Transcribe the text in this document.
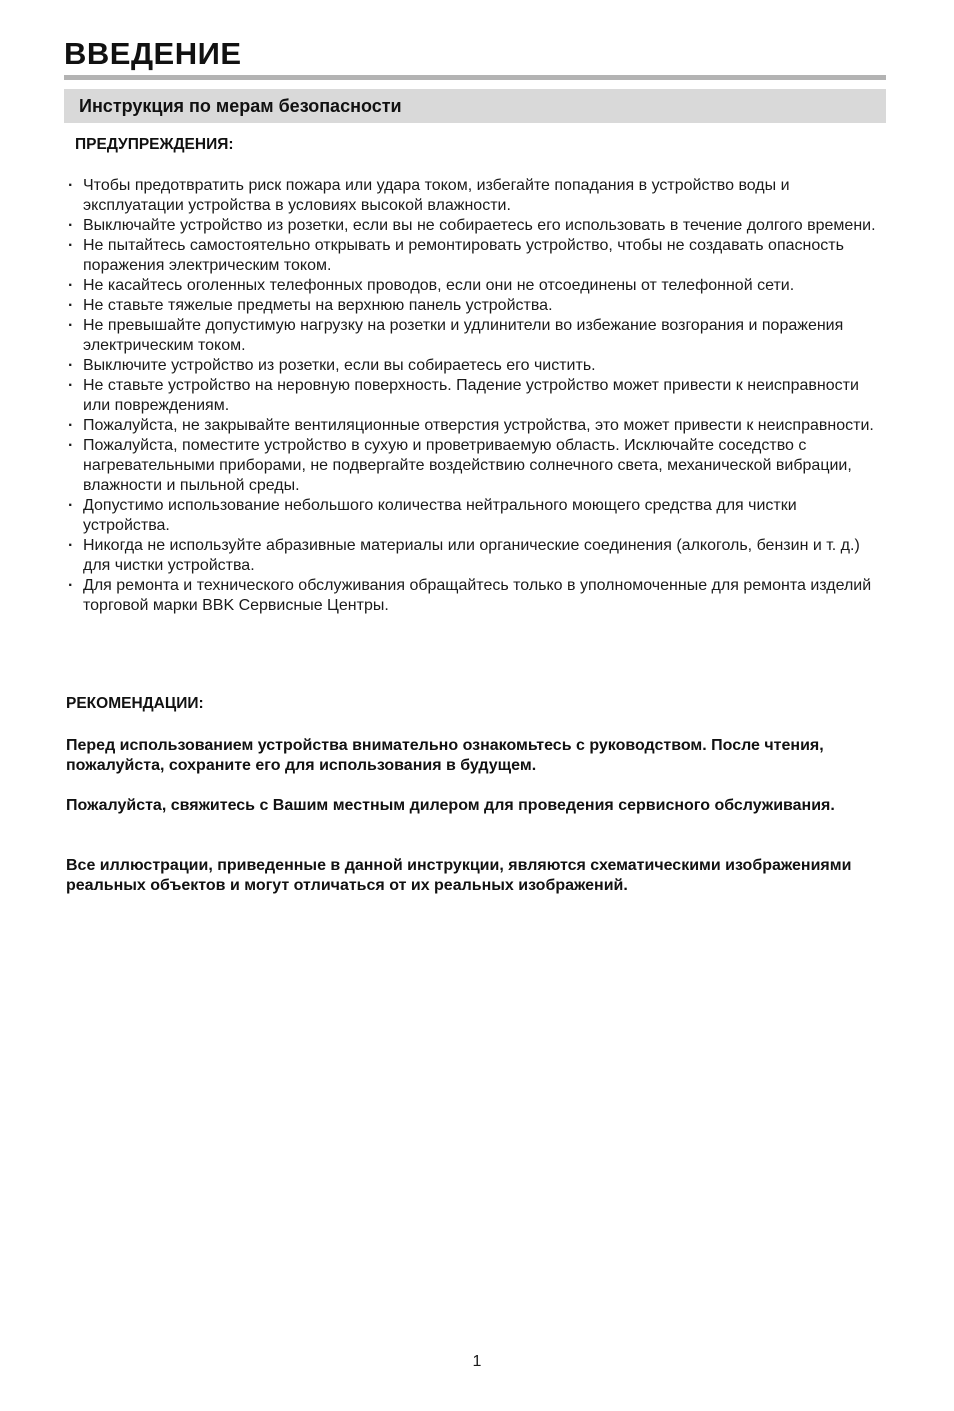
ВВЕДЕНИЕ
Инструкция по мерам безопасности
ПРЕДУПРЕЖДЕНИЯ:
· Чтобы предотвратить риск пожара или удара током, избегайте попадания в устройство воды и эксплуатации устройства в условиях высокой влажности.
· Выключайте устройство из розетки, если вы не собираетесь его использовать в течение долгого времени.
· Не пытайтесь самостоятельно открывать и ремонтировать устройство, чтобы не создавать опасность поражения электрическим током.
· Не касайтесь оголенных телефонных проводов, если они не отсоединены от телефонной сети.
· Не ставьте тяжелые предметы на верхнюю панель устройства.
· Не превышайте допустимую нагрузку на розетки и удлинители во избежание возгорания и поражения электрическим током.
· Выключите устройство из розетки, если вы собираетесь его чистить.
· Не ставьте устройство на неровную поверхность. Падение устройство может привести к неисправности или повреждениям.
· Пожалуйста, не закрывайте вентиляционные отверстия устройства, это может привести к неисправности.
· Пожалуйста, поместите устройство в сухую и проветриваемую область. Исключайте соседство с нагревательными приборами, не подвергайте воздействию солнечного света, механической вибрации, влажности и пыльной среды.
· Допустимо использование небольшого количества нейтрального моющего средства для чистки устройства.
· Никогда не используйте абразивные материалы или органические соединения (алкоголь, бензин и т. д.) для чистки устройства.
· Для ремонта и технического обслуживания обращайтесь только в уполномоченные для ремонта изделий торговой марки BBK Сервисные Центры.
РЕКОМЕНДАЦИИ:

Перед использованием устройства внимательно ознакомьтесь с руководством. После чтения, пожалуйста, сохраните его для использования в будущем.

Пожалуйста, свяжитесь с Вашим местным дилером для проведения сервисного обслуживания.

Все иллюстрации, приведенные в данной инструкции, являются схематическими изображениями реальных объектов и могут отличаться от их реальных изображений.

1
